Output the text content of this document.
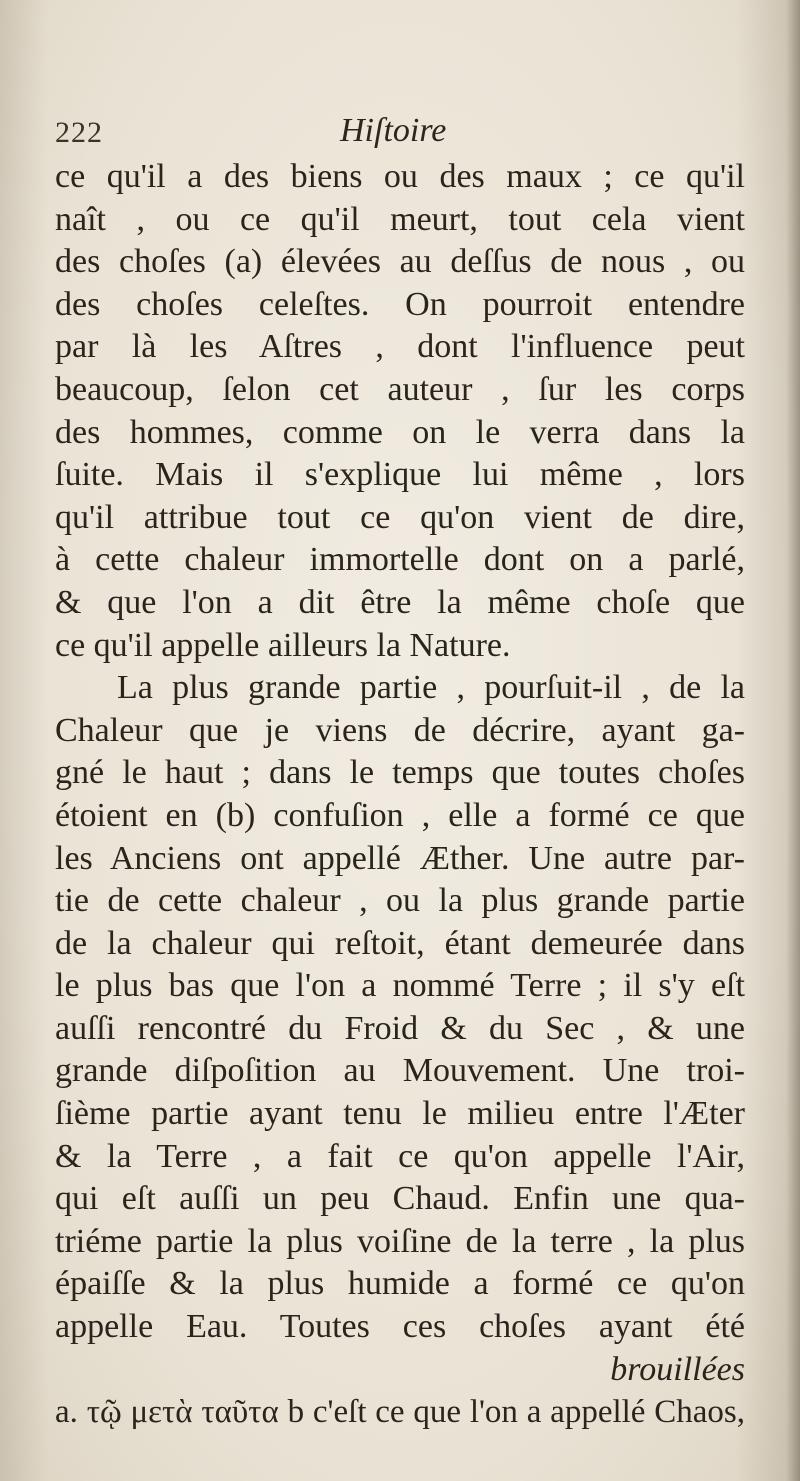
222	Hiſtoire
ce qu'il a des biens ou des maux ; ce qu'il
naît , ou ce qu'il meurt, tout cela vient
des choſes (a) élevées au deſſus de nous , ou
des choſes celeſtes. On pourroit entendre
par là les Aſtres , dont l'influence peut
beaucoup, ſelon cet auteur , ſur les corps
des hommes, comme on le verra dans la
ſuite. Mais il s'explique lui même , lors
qu'il attribue tout ce qu'on vient de dire,
à cette chaleur immortelle dont on a parlé,
& que l'on a dit être la même choſe que
ce qu'il appelle ailleurs la Nature.
La plus grande partie , pourſuit-il , de la
Chaleur que je viens de décrire, ayant ga-
gné le haut ; dans le temps que toutes choſes
étoient en (b) confuſion , elle a formé ce que
les Anciens ont appellé Æther. Une autre par-
tie de cette chaleur , ou la plus grande partie
de la chaleur qui reſtoit, étant demeurée dans
le plus bas que l'on a nommé Terre ; il s'y eſt
auſſi rencontré du Froid & du Sec , & une
grande diſpoſition au Mouvement. Une troi-
ſième partie ayant tenu le milieu entre l'Æter
& la Terre , a fait ce qu'on appelle l'Air,
qui eſt auſſi un peu Chaud. Enfin une qua-
triéme partie la plus voiſine de la terre , la plus
épaiſſe & la plus humide a formé ce qu'on
appelle Eau. Toutes ces choſes ayant été
brouillées
a. τῷ μετὰ ταῦτα b c'eſt ce que l'on a appellé Chaos,
